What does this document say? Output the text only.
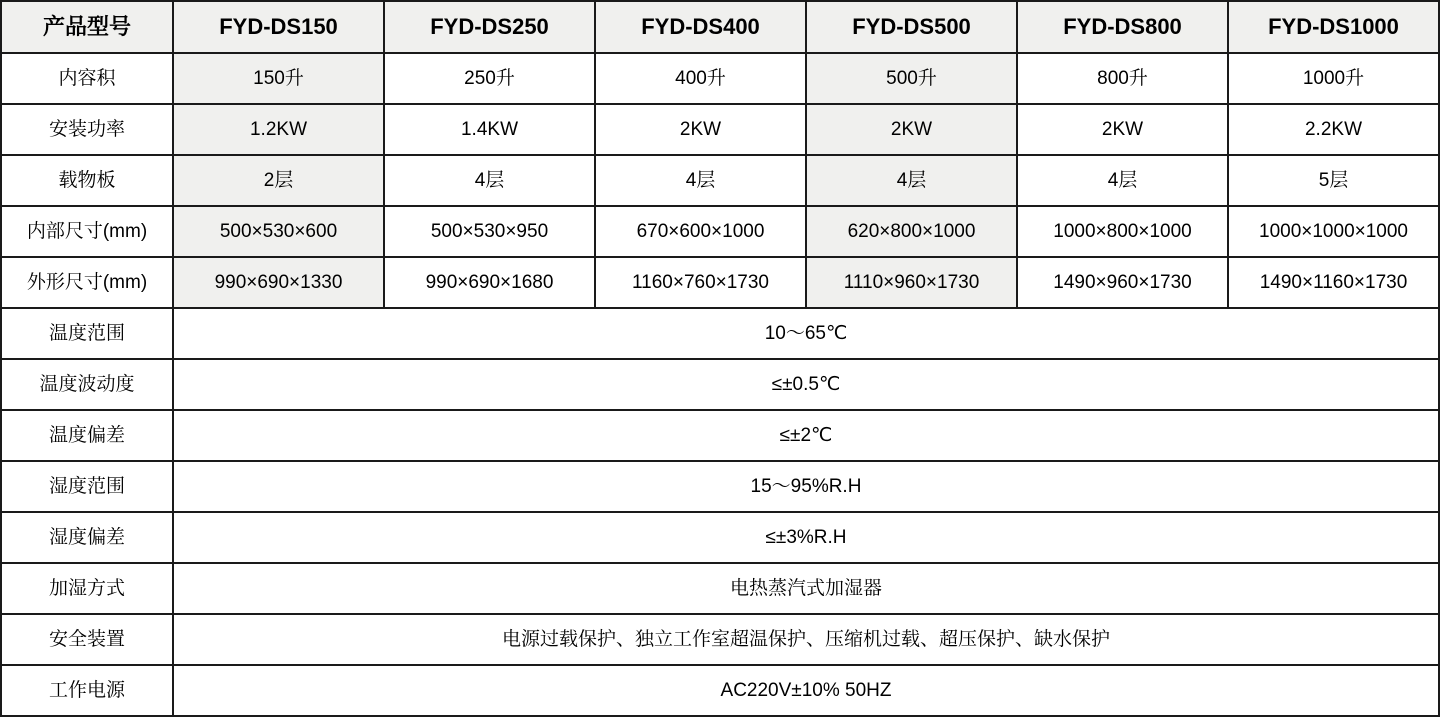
产品型号	FYD-DS150	FYD-DS250	FYD-DS400	FYD-DS500	FYD-DS800	FYD-DS1000
内容积	150升	250升	400升	500升	800升	1000升
安装功率	1.2KW	1.4KW	2KW	2KW	2KW	2.2KW
载物板	2层	4层	4层	4层	4层	5层
内部尺寸(mm)	500×530×600	500×530×950	670×600×1000	620×800×1000	1000×800×1000	1000×1000×1000
外形尺寸(mm)	990×690×1330	990×690×1680	1160×760×1730	1110×960×1730	1490×960×1730	1490×1160×1730
温度范围	10～65℃					
温度波动度	≤±0.5℃					
温度偏差	≤±2℃					
湿度范围	15～95%R.H					
湿度偏差	≤±3%R.H					
加湿方式	电热蒸汽式加湿器					
安全装置	电源过载保护、独立工作室超温保护、压缩机过载、超压保护、缺水保护					
工作电源	AC220V±10% 50HZ					
